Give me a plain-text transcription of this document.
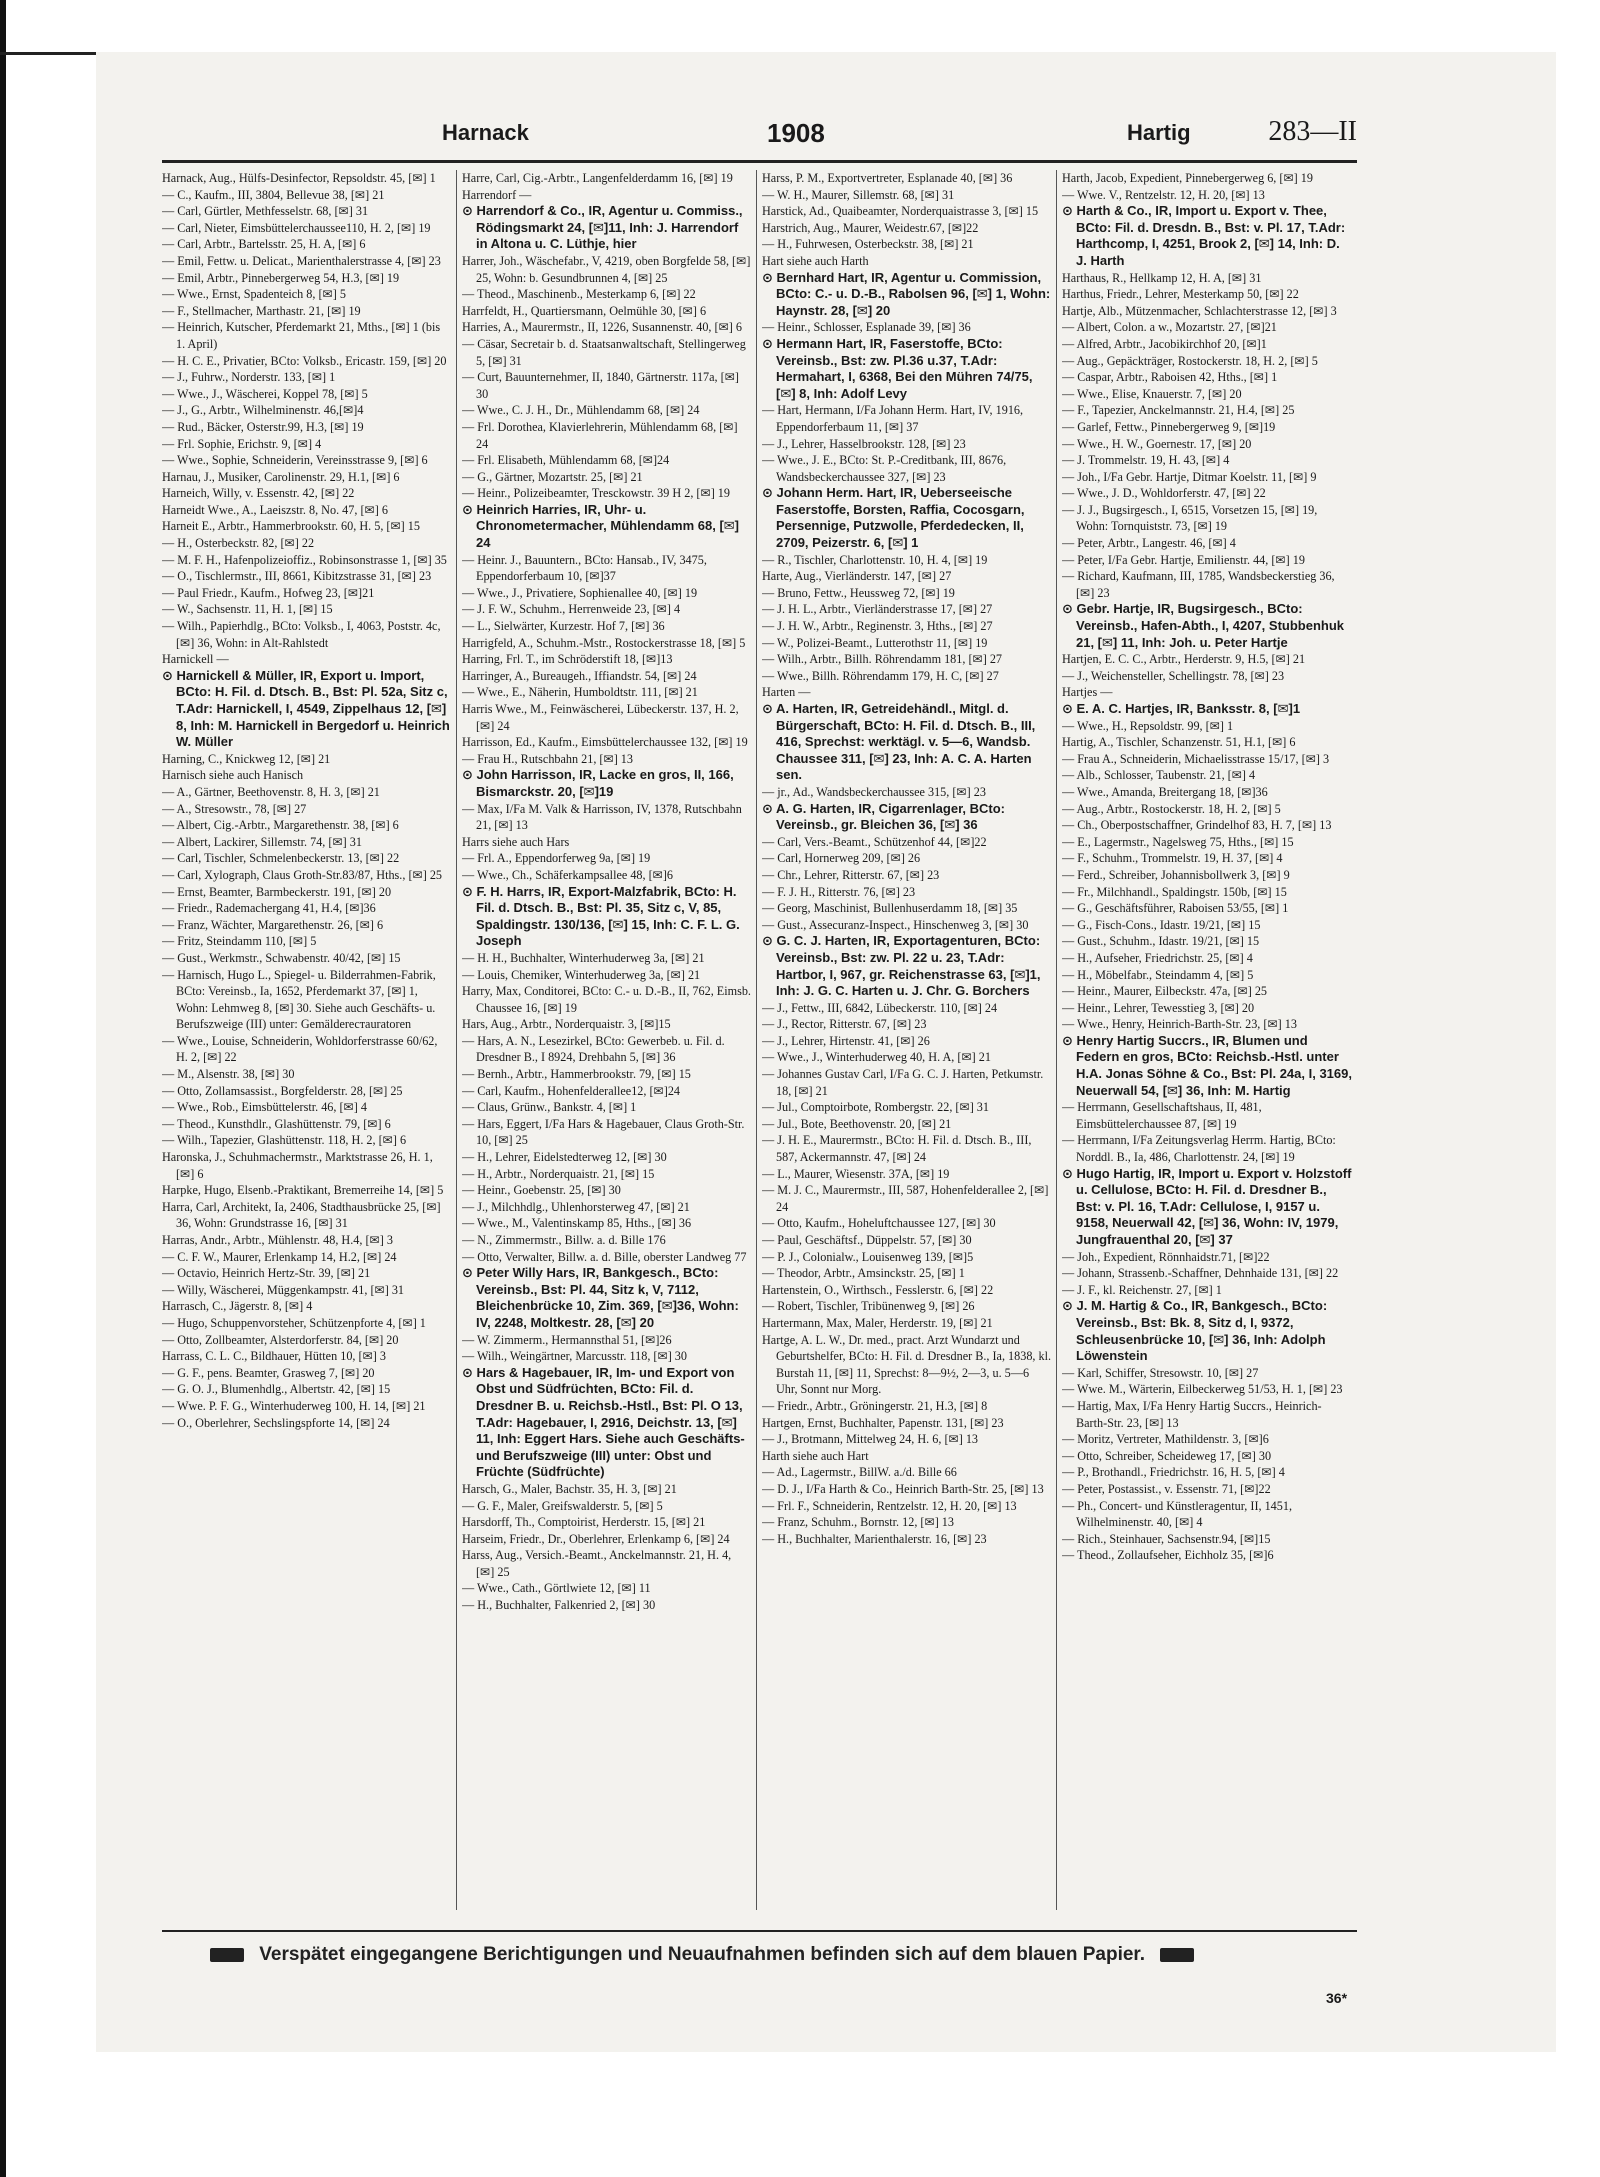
Harnack	1908	Hartig	283—II
Harnack, Aug., Hülfs-Desinfector, Repsoldstr. 45, [✉] 1
— C., Kaufm., III, 3804, Bellevue 38, [✉] 21
— Carl, Gürtler, Methfesselstr. 68, [✉] 31
— Carl, Nieter, Eimsbüttelerchaussee110, H. 2, [✉] 19
— Carl, Arbtr., Bartelsstr. 25, H. A, [✉] 6
— Emil, Fettw. u. Delicat., Marienthalerstrasse 4, [✉] 23
— Emil, Arbtr., Pinnebergerweg 54, H.3, [✉] 19
— Wwe., Ernst, Spadenteich 8, [✉] 5
— F., Stellmacher, Marthastr. 21, [✉] 19
— Heinrich, Kutscher, Pferdemarkt 21, Mths., [✉] 1 (bis 1. April)
— H. C. E., Privatier, BCto: Volksb., Ericastr. 159, [✉] 20
— J., Fuhrw., Norderstr. 133, [✉] 1
— Wwe., J., Wäscherei, Koppel 78, [✉] 5
— J., G., Arbtr., Wilhelminenstr. 46,[✉]4
— Rud., Bäcker, Osterstr.99, H.3, [✉] 19
— Frl. Sophie, Erichstr. 9, [✉] 4
— Wwe., Sophie, Schneiderin, Vereinsstrasse 9, [✉] 6
Harnau, J., Musiker, Carolinenstr. 29, H.1, [✉] 6
Harneich, Willy, v. Essenstr. 42, [✉] 22
Harneidt Wwe., A., Laeiszstr. 8, No. 47, [✉] 6
Harneit E., Arbtr., Hammerbrookstr. 60, H. 5, [✉] 15
— H., Osterbeckstr. 82, [✉] 22
— M. F. H., Hafenpolizeioffiz., Robinsonstrasse 1, [✉] 35
— O., Tischlermstr., III, 8661, Kibitzstrasse 31, [✉] 23
— Paul Friedr., Kaufm., Hofweg 23, [✉]21
— W., Sachsenstr. 11, H. 1, [✉] 15
— Wilh., Papierhdlg., BCto: Volksb., I, 4063, Poststr. 4c, [✉] 36, Wohn: in Alt-Rahlstedt
Harnickell —
⊙ Harnickell & Müller, IR, Export u. Import, BCto: H. Fil. d. Dtsch. B., Bst: Pl. 52a, Sitz c, T.Adr: Harnickell, I, 4549, Zippelhaus 12, [✉] 8, Inh: M. Harnickell in Bergedorf u. Heinrich W. Müller
Harning, C., Knickweg 12, [✉] 21
Harnisch siehe auch Hanisch
— A., Gärtner, Beethovenstr. 8, H. 3, [✉] 21
— A., Stresowstr., 78, [✉] 27
— Albert, Cig.-Arbtr., Margarethenstr. 38, [✉] 6
— Albert, Lackirer, Sillemstr. 74, [✉] 31
— Carl, Tischler, Schmelenbeckerstr. 13, [✉] 22
— Carl, Xylograph, Claus Groth-Str.83/87, Hths., [✉] 25
— Ernst, Beamter, Barmbeckerstr. 191, [✉] 20
— Friedr., Rademachergang 41, H.4, [✉]36
— Franz, Wächter, Margarethenstr. 26, [✉] 6
— Fritz, Steindamm 110, [✉] 5
— Gust., Werkmstr., Schwabenstr. 40/42, [✉] 15
— Harnisch, Hugo L., Spiegel- u. Bilderrahmen-Fabrik, BCto: Vereinsb., Ia, 1652, Pferdemarkt 37, [✉] 1, Wohn: Lehmweg 8, [✉] 30. Siehe auch Geschäfts- u. Berufszweige (III) unter: Gemäldereстauratoren
— Wwe., Louise, Schneiderin, Wohldorferstrasse 60/62, H. 2, [✉] 22
— M., Alsenstr. 38, [✉] 30
— Otto, Zollamsassist., Borgfelderstr. 28, [✉] 25
— Wwe., Rob., Eimsbüttelerstr. 46, [✉] 4
— Theod., Kunsthdlr., Glashüttenstr. 79, [✉] 6
— Wilh., Tapezier, Glashüttenstr. 118, H. 2, [✉] 6
Haronska, J., Schuhmachermstr., Marktstrasse 26, H. 1, [✉] 6
Harpke, Hugo, Elsenb.-Praktikant, Bremerreihe 14, [✉] 5
Harra, Carl, Architekt, Ia, 2406, Stadthausbrücke 25, [✉] 36, Wohn: Grundstrasse 16, [✉] 31
Harras, Andr., Arbtr., Mühlenstr. 48, H.4, [✉] 3
— C. F. W., Maurer, Erlenkamp 14, H.2, [✉] 24
— Octavio, Heinrich Hertz-Str. 39, [✉] 21
— Willy, Wäscherei, Müggenkampstr. 41, [✉] 31
Harrasch, C., Jägerstr. 8, [✉] 4
— Hugo, Schuppenvorsteher, Schützenpforte 4, [✉] 1
— Otto, Zollbeamter, Alsterdorferstr. 84, [✉] 20
Harrass, C. L. C., Bildhauer, Hütten 10, [✉] 3
— G. F., pens. Beamter, Grasweg 7, [✉] 20
— G. O. J., Blumenhdlg., Albertstr. 42, [✉] 15
— Wwe. P. F. G., Winterhuderweg 100, H. 14, [✉] 21
— O., Oberlehrer, Sechslingspforte 14, [✉] 24
Harre, Carl, Cig.-Arbtr., Langenfelderdamm 16, [✉] 19
Harrendorf —
⊙ Harrendorf & Co., IR, Agentur u. Commiss., Rödingsmarkt 24, [✉]11, Inh: J. Harrendorf in Altona u. C. Lüthje, hier
Harrer, Joh., Wäschefabr., V, 4219, oben Borgfelde 58, [✉] 25, Wohn: b. Gesundbrunnen 4, [✉] 25
— Theod., Maschinenb., Mesterkamp 6, [✉] 22
Harrfeldt, H., Quartiersmann, Oelmühle 30, [✉] 6
Harries, A., Maurermstr., II, 1226, Susannenstr. 40, [✉] 6
— Cäsar, Secretair b. d. Staatsanwaltschaft, Stellingerweg 5, [✉] 31
— Curt, Bauunternehmer, II, 1840, Gärtnerstr. 117a, [✉] 30
— Wwe., C. J. H., Dr., Mühlendamm 68, [✉] 24
— Frl. Dorothea, Klavierlehrerin, Mühlendamm 68, [✉] 24
— Frl. Elisabeth, Mühlendamm 68, [✉]24
— G., Gärtner, Mozartstr. 25, [✉] 21
— Heinr., Polizeibeamter, Tresckowstr. 39 H 2, [✉] 19
⊙ Heinrich Harries, IR, Uhr- u. Chronometermacher, Mühlendamm 68, [✉] 24
— Heinr. J., Bauuntern., BCto: Hansab., IV, 3475, Eppendorferbaum 10, [✉]37
— Wwe., J., Privatiere, Sophienallee 40, [✉] 19
— J. F. W., Schuhm., Herrenweide 23, [✉] 4
— L., Sielwärter, Kurzestr. Hof 7, [✉] 36
Harrigfeld, A., Schuhm.-Mstr., Rostockerstrasse 18, [✉] 5
Harring, Frl. T., im Schröderstift 18, [✉]13
Harringer, A., Bureaugeh., Iffiandstr. 54, [✉] 24
— Wwe., E., Näherin, Humboldtstr. 111, [✉] 21
Harris Wwe., M., Feinwäscherei, Lübeckerstr. 137, H. 2, [✉] 24
Harrisson, Ed., Kaufm., Eimsbüttelerchaussee 132, [✉] 19
— Frau H., Rutschbahn 21, [✉] 13
⊙ John Harrisson, IR, Lacke en gros, II, 166, Bismarckstr. 20, [✉]19
— Max, I/Fa M. Valk & Harrisson, IV, 1378, Rutschbahn 21, [✉] 13
Harrs siehe auch Hars
— Frl. A., Eppendorferweg 9a, [✉] 19
— Wwe., Ch., Schäferkampsallee 48, [✉]6
⊙ F. H. Harrs, IR, Export-Malzfabrik, BCto: H. Fil. d. Dtsch. B., Bst: Pl. 35, Sitz c, V, 85, Spaldingstr. 130/136, [✉] 15, Inh: C. F. L. G. Joseph
— H. H., Buchhalter, Winterhuderweg 3a, [✉] 21
— Louis, Chemiker, Winterhuderweg 3a, [✉] 21
Harry, Max, Conditorei, BCto: C.- u. D.-B., II, 762, Eimsb. Chaussee 16, [✉] 19
Hars, Aug., Arbtr., Norderquaistr. 3, [✉]15
— Hars, A. N., Lesezirkel, BCto: Gewerbeb. u. Fil. d. Dresdner B., I 8924, Drehbahn 5, [✉] 36
— Bernh., Arbtr., Hammerbrookstr. 79, [✉] 15
— Carl, Kaufm., Hohenfelderallee12, [✉]24
— Claus, Grünw., Bankstr. 4, [✉] 1
— Hars, Eggert, I/Fa Hars & Hagebauer, Claus Groth-Str. 10, [✉] 25
— H., Lehrer, Eidelstedterweg 12, [✉] 30
— H., Arbtr., Norderquaistr. 21, [✉] 15
— Heinr., Goebenstr. 25, [✉] 30
— J., Milchhdlg., Uhlenhorsterweg 47, [✉] 21
— Wwe., M., Valentinskamp 85, Hths., [✉] 36
— N., Zimmermstr., Billw. a. d. Bille 176
— Otto, Verwalter, Billw. a. d. Bille, oberster Landweg 77
⊙ Peter Willy Hars, IR, Bankgesch., BCto: Vereinsb., Bst: Pl. 44, Sitz k, V, 7112, Bleichenbrücke 10, Zim. 369, [✉]36, Wohn: IV, 2248, Moltkestr. 28, [✉] 20
— W. Zimmerm., Hermannsthal 51, [✉]26
— Wilh., Weingärtner, Marcusstr. 118, [✉] 30
⊙ Hars & Hagebauer, IR, Im- und Export von Obst und Südfrüchten, BCto: Fil. d. Dresdner B. u. Reichsb.-Hstl., Bst: Pl. O 13, T.Adr: Hagebauer, I, 2916, Deichstr. 13, [✉] 11, Inh: Eggert Hars. Siehe auch Geschäfts- und Berufszweige (III) unter: Obst und Früchte (Südfrüchte)
Harsch, G., Maler, Bachstr. 35, H. 3, [✉] 21
— G. F., Maler, Greifswalderstr. 5, [✉] 5
Harsdorff, Th., Comptoirist, Herderstr. 15, [✉] 21
Harseim, Friedr., Dr., Oberlehrer, Erlenkamp 6, [✉] 24
Harss, Aug., Versich.-Beamt., Anckelmannstr. 21, H. 4, [✉] 25
— Wwe., Cath., Görtlwiete 12, [✉] 11
— H., Buchhalter, Falkenried 2, [✉] 30
Harss, P. M., Exportvertreter, Esplanade 40, [✉] 36
— W. H., Maurer, Sillemstr. 68, [✉] 31
Harstick, Ad., Quaibeamter, Norderquaistrasse 3, [✉] 15
Harstrich, Aug., Maurer, Weidestr.67, [✉]22
— H., Fuhrwesen, Osterbeckstr. 38, [✉] 21
Hart siehe auch Harth
⊙ Bernhard Hart, IR, Agentur u. Commission, BCto: C.- u. D.-B., Rabolsen 96, [✉] 1, Wohn: Haynstr. 28, [✉] 20
— Heinr., Schlosser, Esplanade 39, [✉] 36
⊙ Hermann Hart, IR, Faserstoffe, BCto: Vereinsb., Bst: zw. Pl.36 u.37, T.Adr: Hermahart, I, 6368, Bei den Mühren 74/75, [✉] 8, Inh: Adolf Levy
— Hart, Hermann, I/Fa Johann Herm. Hart, IV, 1916, Eppendorferbaum 11, [✉] 37
— J., Lehrer, Hasselbrookstr. 128, [✉] 23
— Wwe., J. E., BCto: St. P.-Creditbank, III, 8676, Wandsbeckerchaussee 327, [✉] 23
⊙ Johann Herm. Hart, IR, Ueberseeische Faserstoffe, Borsten, Raffia, Cocosgarn, Persennige, Putzwolle, Pferdedecken, II, 2709, Peizerstr. 6, [✉] 1
— R., Tischler, Charlottenstr. 10, H. 4, [✉] 19
Harte, Aug., Vierländerstr. 147, [✉] 27
— Bruno, Fettw., Heussweg 72, [✉] 19
— J. H. L., Arbtr., Vierländerstrasse 17, [✉] 27
— J. H. W., Arbtr., Reginenstr. 3, Hths., [✉] 27
— W., Polizei-Beamt., Lutterothstr 11, [✉] 19
— Wilh., Arbtr., Billh. Röhrendamm 181, [✉] 27
— Wwe., Billh. Röhrendamm 179, H. C, [✉] 27
Harten —
⊙ A. Harten, IR, Getreidehändl., Mitgl. d. Bürgerschaft, BCto: H. Fil. d. Dtsch. B., III, 416, Sprechst: werktägl. v. 5—6, Wandsb. Chaussee 311, [✉] 23, Inh: A. C. A. Harten sen.
— jr., Ad., Wandsbeckerchaussee 315, [✉] 23
⊙ A. G. Harten, IR, Cigarrenlager, BCto: Vereinsb., gr. Bleichen 36, [✉] 36
— Carl, Vers.-Beamt., Schützenhof 44, [✉]22
— Carl, Hornerweg 209, [✉] 26
— Chr., Lehrer, Ritterstr. 67, [✉] 23
— F. J. H., Ritterstr. 76, [✉] 23
— Georg, Maschinist, Bullenhuserdamm 18, [✉] 35
— Gust., Assecuranz-Inspect., Hinschenweg 3, [✉] 30
⊙ G. C. J. Harten, IR, Exportagenturen, BCto: Vereinsb., Bst: zw. Pl. 22 u. 23, T.Adr: Hartbor, I, 967, gr. Reichenstrasse 63, [✉]1, Inh: J. G. C. Harten u. J. Chr. G. Borchers
— J., Fettw., III, 6842, Lübeckerstr. 110, [✉] 24
— J., Rector, Ritterstr. 67, [✉] 23
— J., Lehrer, Hirtenstr. 41, [✉] 26
— Wwe., J., Winterhuderweg 40, H. A, [✉] 21
— Johannes Gustav Carl, I/Fa G. C. J. Harten, Petkumstr. 18, [✉] 21
— Jul., Comptoirbote, Rombergstr. 22, [✉] 31
— Jul., Bote, Beethovenstr. 20, [✉] 21
— J. H. E., Maurermstr., BCto: H. Fil. d. Dtsch. B., III, 587, Ackermannstr. 47, [✉] 24
— L., Maurer, Wiesenstr. 37A, [✉] 19
— M. J. C., Maurermstr., III, 587, Hohenfelderallee 2, [✉] 24
— Otto, Kaufm., Hoheluftchaussee 127, [✉] 30
— Paul, Geschäftsf., Düppelstr. 57, [✉] 30
— P. J., Colonialw., Louisenweg 139, [✉]5
— Theodor, Arbtr., Amsinckstr. 25, [✉] 1
Hartenstein, O., Wirthsch., Fesslerstr. 6, [✉] 22
— Robert, Tischler, Tribünenweg 9, [✉] 26
Hartermann, Max, Maler, Herderstr. 19, [✉] 21
Hartge, A. L. W., Dr. med., pract. Arzt Wundarzt und Geburtshelfer, BCto: H. Fil. d. Dresdner B., Ia, 1838, kl. Burstah 11, [✉] 11, Sprechst: 8—9½, 2—3, u. 5—6 Uhr, Sonnt nur Morg.
— Friedr., Arbtr., Gröningerstr. 21, H.3, [✉] 8
Hartgen, Ernst, Buchhalter, Papenstr. 131, [✉] 23
— J., Brotmann, Mittelweg 24, H. 6, [✉] 13
Harth siehe auch Hart
— Ad., Lagermstr., BillW. a./d. Bille 66
— D. J., I/Fa Harth & Co., Heinrich Barth-Str. 25, [✉] 13
— Frl. F., Schneiderin, Rentzelstr. 12, H. 20, [✉] 13
— Franz, Schuhm., Bornstr. 12, [✉] 13
— H., Buchhalter, Marienthalerstr. 16, [✉] 23
Harth, Jacob, Expedient, Pinnebergerweg 6, [✉] 19
— Wwe. V., Rentzelstr. 12, H. 20, [✉] 13
⊙ Harth & Co., IR, Import u. Export v. Thee, BCto: Fil. d. Dresdn. B., Bst: v. Pl. 17, T.Adr: Harthcomp, I, 4251, Brook 2, [✉] 14, Inh: D. J. Harth
Harthaus, R., Hellkamp 12, H. A, [✉] 31
Harthus, Friedr., Lehrer, Mesterkamp 50, [✉] 22
Hartje, Alb., Mützenmacher, Schlachterstrasse 12, [✉] 3
— Albert, Colon. a w., Mozartstr. 27, [✉]21
— Alfred, Arbtr., Jacobikirchhof 20, [✉]1
— Aug., Gepäckträger, Rostockerstr. 18, H. 2, [✉] 5
— Caspar, Arbtr., Raboisen 42, Hths., [✉] 1
— Wwe., Elise, Knauerstr. 7, [✉] 20
— F., Tapezier, Anckelmannstr. 21, H.4, [✉] 25
— Garlef, Fettw., Pinnebergerweg 9, [✉]19
— Wwe., H. W., Goernestr. 17, [✉] 20
— J. Trommelstr. 19, H. 43, [✉] 4
— Joh., I/Fa Gebr. Hartje, Ditmar Koelstr. 11, [✉] 9
— Wwe., J. D., Wohldorferstr. 47, [✉] 22
— J. J., Bugsirgesch., I, 6515, Vorsetzen 15, [✉] 19, Wohn: Tornquiststr. 73, [✉] 19
— Peter, Arbtr., Langestr. 46, [✉] 4
— Peter, I/Fa Gebr. Hartje, Emilienstr. 44, [✉] 19
— Richard, Kaufmann, III, 1785, Wandsbeckerstieg 36, [✉] 23
⊙ Gebr. Hartje, IR, Bugsirgesch., BCto: Vereinsb., Hafen-Abth., I, 4207, Stubbenhuk 21, [✉] 11, Inh: Joh. u. Peter Hartje
Hartjen, E. C. C., Arbtr., Herderstr. 9, H.5, [✉] 21
— J., Weichensteller, Schellingstr. 78, [✉] 23
Hartjes —
⊙ E. A. C. Hartjes, IR, Banksstr. 8, [✉]1
— Wwe., H., Repsoldstr. 99, [✉] 1
Hartig, A., Tischler, Schanzenstr. 51, H.1, [✉] 6
— Frau A., Schneiderin, Michaelisstrasse 15/17, [✉] 3
— Alb., Schlosser, Taubenstr. 21, [✉] 4
— Wwe., Amanda, Breitergang 18, [✉]36
— Aug., Arbtr., Rostockerstr. 18, H. 2, [✉] 5
— Ch., Oberpostschaffner, Grindelhof 83, H. 7, [✉] 13
— E., Lagermstr., Nagelsweg 75, Hths., [✉] 15
— F., Schuhm., Trommelstr. 19, H. 37, [✉] 4
— Ferd., Schreiber, Johannisbollwerk 3, [✉] 9
— Fr., Milchhandl., Spaldingstr. 150b, [✉] 15
— G., Geschäftsführer, Raboisen 53/55, [✉] 1
— G., Fisch-Cons., Idastr. 19/21, [✉] 15
— Gust., Schuhm., Idastr. 19/21, [✉] 15
— H., Aufseher, Friedrichstr. 25, [✉] 4
— H., Möbelfabr., Steindamm 4, [✉] 5
— Heinr., Maurer, Eilbeckstr. 47a, [✉] 25
— Heinr., Lehrer, Tewesstieg 3, [✉] 20
— Wwe., Henry, Heinrich-Barth-Str. 23, [✉] 13
⊙ Henry Hartig Succrs., IR, Blumen und Federn en gros, BCto: Reichsb.-Hstl. unter H.A. Jonas Söhne & Co., Bst: Pl. 24a, I, 3169, Neuerwall 54, [✉] 36, Inh: M. Hartig
— Herrmann, Gesellschaftshaus, II, 481, Eimsbüttelerchaussee 87, [✉] 19
— Herrmann, I/Fa Zeitungsverlag Herrm. Hartig, BCto: Norddl. B., Ia, 486, Charlottenstr. 24, [✉] 19
⊙ Hugo Hartig, IR, Import u. Export v. Holzstoff u. Cellulose, BCto: H. Fil. d. Dresdner B., Bst: v. Pl. 16, T.Adr: Cellulose, I, 9157 u. 9158, Neuerwall 42, [✉] 36, Wohn: IV, 1979, Jungfrauenthal 20, [✉] 37
— Joh., Expedient, Rönnhaidstr.71, [✉]22
— Johann, Strassenb.-Schaffner, Dehnhaide 131, [✉] 22
— J. F., kl. Reichenstr. 27, [✉] 1
⊙ J. M. Hartig & Co., IR, Bankgesch., BCto: Vereinsb., Bst: Bk. 8, Sitz d, I, 9372, Schleusenbrücke 10, [✉] 36, Inh: Adolph Löwenstein
— Karl, Schiffer, Stresowstr. 10, [✉] 27
— Wwe. M., Wärterin, Eilbeckerweg 51/53, H. 1, [✉] 23
— Hartig, Max, I/Fa Henry Hartig Succrs., Heinrich-Barth-Str. 23, [✉] 13
— Moritz, Vertreter, Mathildenstr. 3, [✉]6
— Otto, Schreiber, Scheideweg 17, [✉] 30
— P., Brothandl., Friedrichstr. 16, H. 5, [✉] 4
— Peter, Postassist., v. Essenstr. 71, [✉]22
— Ph., Concert- und Künstleragentur, II, 1451, Wilhelminenstr. 40, [✉] 4
— Rich., Steinhauer, Sachsenstr.94, [✉]15
— Theod., Zollaufseher, Eichholz 35, [✉]6
Verspätet eingegangene Berichtigungen und Neuaufnahmen befinden sich auf dem blauen Papier.
36*
